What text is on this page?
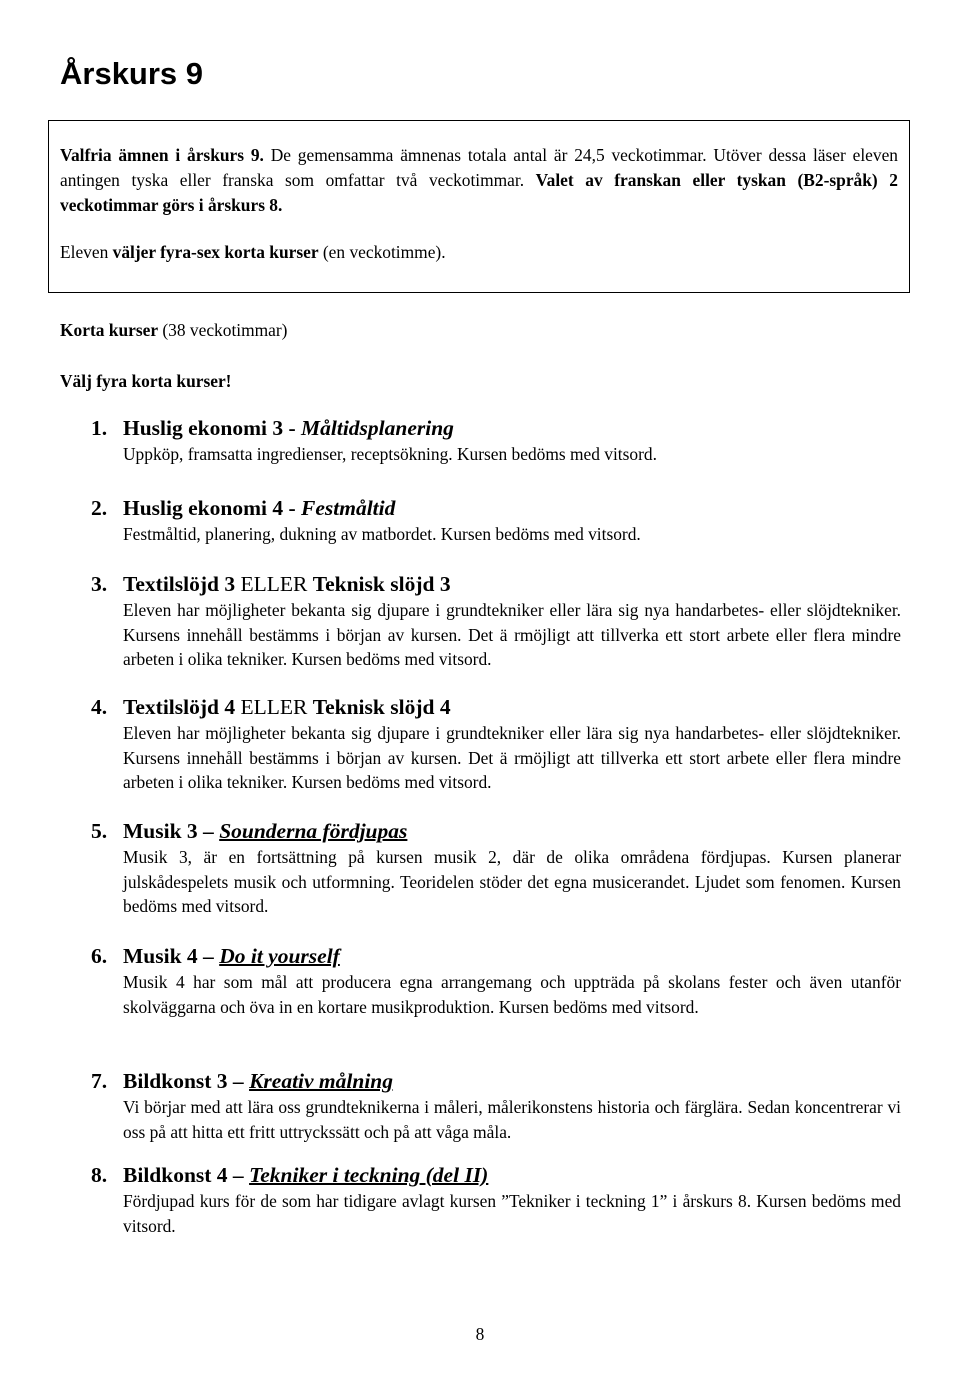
Årskurs 9

Valfria ämnen i årskurs 9. De gemensamma ämnenas totala antal är 24,5 veckotimmar. Utöver dessa läser eleven antingen tyska eller franska som omfattar två veckotimmar. Valet av franskan eller tyskan (B2-språk) 2 veckotimmar görs i årskurs 8.

Eleven väljer fyra-sex korta kurser (en veckotimme).

Korta kurser (38 veckotimmar)

Välj fyra korta kurser!

1. Huslig ekonomi 3 - Måltidsplanering

Uppköp, framsatta ingredienser, receptsökning. Kursen bedöms med vitsord.

2. Huslig ekonomi 4 - Festmåltid

Festmåltid, planering, dukning av matbordet. Kursen bedöms med vitsord.

3. Textilslöjd 3 ELLER Teknisk slöjd 3

Eleven har möjligheter bekanta sig djupare i grundtekniker eller lära sig nya handarbetes- eller slöjdtekniker. Kursens innehåll bestämms i början av kursen. Det ä rmöjligt att tillverka ett stort arbete eller flera mindre arbeten i olika tekniker. Kursen bedöms med vitsord.

4. Textilslöjd 4 ELLER Teknisk slöjd 4

Eleven har möjligheter bekanta sig djupare i grundtekniker eller lära sig nya handarbetes- eller slöjdtekniker. Kursens innehåll bestämms i början av kursen. Det ä rmöjligt att tillverka ett stort arbete eller flera mindre arbeten i olika tekniker. Kursen bedöms med vitsord.

5. Musik 3 – Sounderna fördjupas

Musik 3, är en fortsättning på kursen musik 2, där de olika områdena fördjupas. Kursen planerar julskådespelets musik och utformning. Teoridelen stöder det egna musicerandet. Ljudet som fenomen. Kursen bedöms med vitsord.

6. Musik 4 – Do it yourself

Musik 4 har som mål att producera egna arrangemang och uppträda på skolans fester och även utanför skolväggarna och öva in en kortare musikproduktion. Kursen bedöms med vitsord.

7. Bildkonst 3 – Kreativ målning

Vi börjar med att lära oss grundteknikerna i måleri, målerikonstens historia och färglära. Sedan koncentrerar vi oss på att hitta ett fritt uttryckssätt och på att våga måla.

8. Bildkonst 4 – Tekniker i teckning (del II)

Fördjupad kurs för de som har tidigare avlagt kursen ”Tekniker i teckning 1” i årskurs 8. Kursen bedöms med vitsord.

8
